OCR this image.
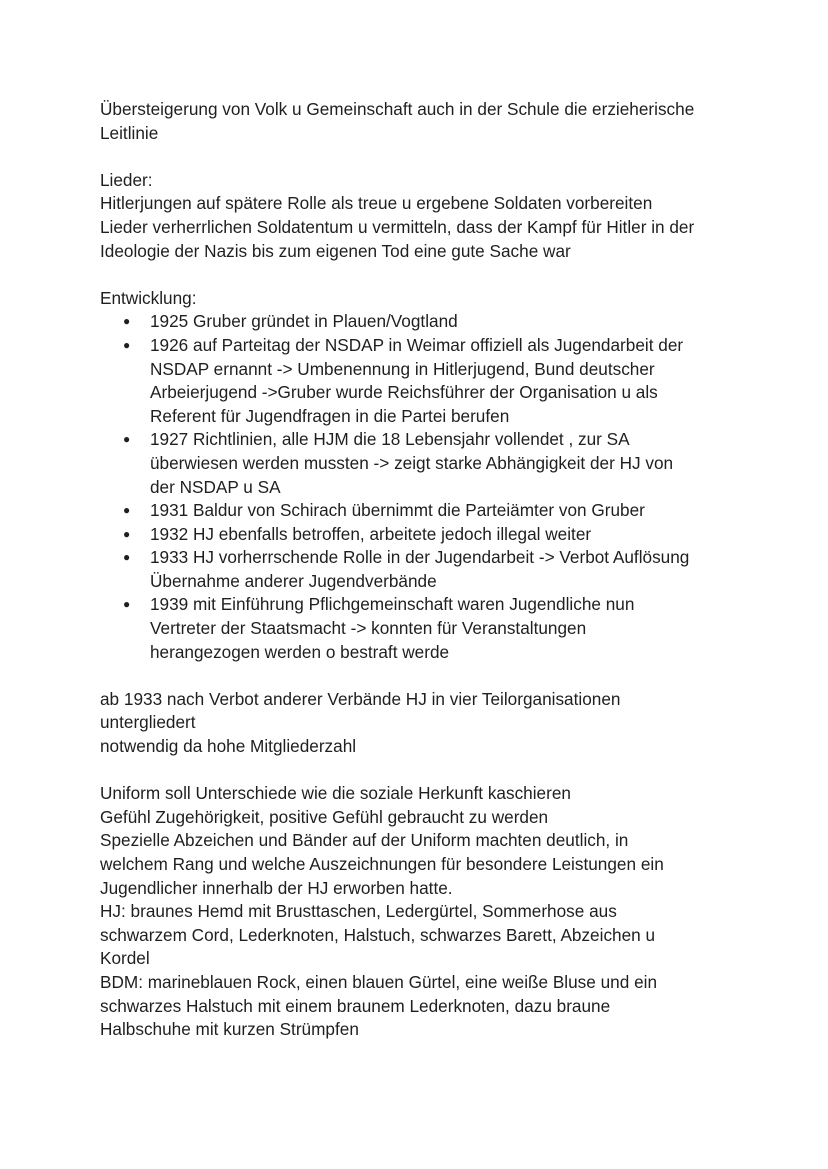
Übersteigerung von Volk u Gemeinschaft auch in der Schule die erzieherische
Leitlinie
Lieder:
Hitlerjungen auf spätere Rolle als treue u ergebene Soldaten vorbereiten
Lieder verherrlichen Soldatentum u vermitteln, dass der Kampf für Hitler in der
Ideologie der Nazis bis zum eigenen Tod eine gute Sache war
Entwicklung:
● 1925 Gruber gründet in Plauen/Vogtland
● 1926 auf Parteitag der NSDAP in Weimar offiziell als Jugendarbeit der
NSDAP ernannt -> Umbenennung in Hitlerjugend, Bund deutscher
Arbeierjugend ->Gruber wurde Reichsführer der Organisation u als
Referent für Jugendfragen in die Partei berufen
● 1927 Richtlinien, alle HJM die 18 Lebensjahr vollendet , zur SA
überwiesen werden mussten -> zeigt starke Abhängigkeit der HJ von
der NSDAP u SA
● 1931 Baldur von Schirach übernimmt die Parteiämter von Gruber
● 1932 HJ ebenfalls betroffen, arbeitete jedoch illegal weiter
● 1933 HJ vorherrschende Rolle in der Jugendarbeit -> Verbot Auflösung
Übernahme anderer Jugendverbände
● 1939 mit Einführung Pflichgemeinschaft waren Jugendliche nun
Vertreter der Staatsmacht -> konnten für Veranstaltungen
herangezogen werden o bestraft werde
ab 1933 nach Verbot anderer Verbände HJ in vier Teilorganisationen
untergliedert
notwendig da hohe Mitgliederzahl
Uniform soll Unterschiede wie die soziale Herkunft kaschieren
Gefühl Zugehörigkeit, positive Gefühl gebraucht zu werden
Spezielle Abzeichen und Bänder auf der Uniform machten deutlich, in
welchem Rang und welche Auszeichnungen für besondere Leistungen ein
Jugendlicher innerhalb der HJ erworben hatte.
HJ: braunes Hemd mit Brusttaschen, Ledergürtel, Sommerhose aus
schwarzem Cord, Lederknoten, Halstuch, schwarzes Barett, Abzeichen u
Kordel
BDM: marineblauen Rock, einen blauen Gürtel, eine weiße Bluse und ein
schwarzes Halstuch mit einem braunem Lederknoten, dazu braune
Halbschuhe mit kurzen Strümpfen
